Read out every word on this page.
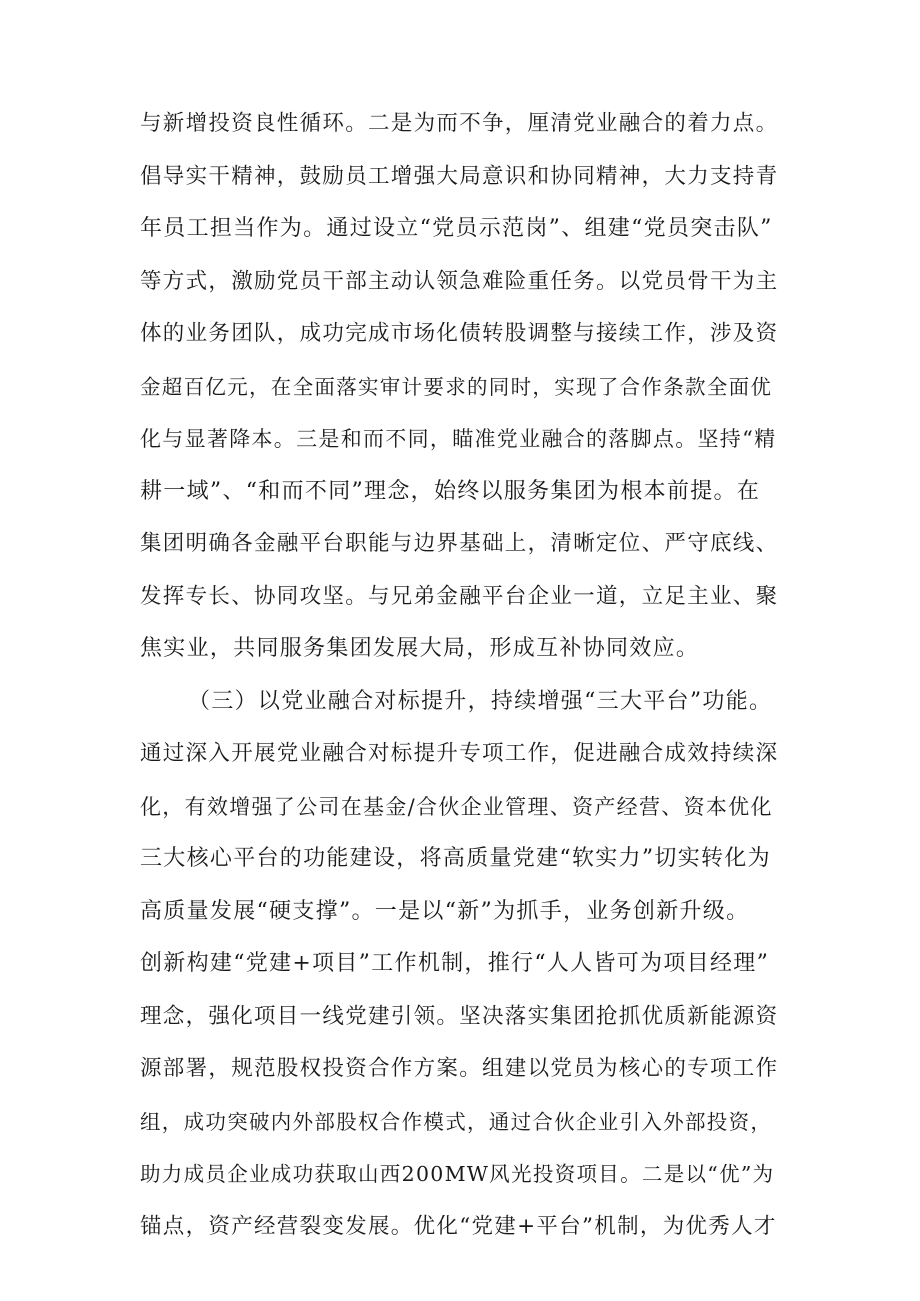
与新增投资良性循环。二是为而不争，厘清党业融合的着力点。
倡导实干精神，鼓励员工增强大局意识和协同精神，大力支持青
年员工担当作为。通过设立“党员示范岗”、组建“党员突击队”
等方式，激励党员干部主动认领急难险重任务。以党员骨干为主
体的业务团队，成功完成市场化债转股调整与接续工作，涉及资
金超百亿元，在全面落实审计要求的同时，实现了合作条款全面优
化与显著降本。三是和而不同，瞄准党业融合的落脚点。坚持“精
耕一域”、“和而不同”理念，始终以服务集团为根本前提。在
集团明确各金融平台职能与边界基础上，清晰定位、严守底线、
发挥专长、协同攻坚。与兄弟金融平台企业一道，立足主业、聚
焦实业，共同服务集团发展大局，形成互补协同效应。
（三）以党业融合对标提升，持续增强“三大平台”功能。
通过深入开展党业融合对标提升专项工作，促进融合成效持续深
化，有效增强了公司在基金/合伙企业管理、资产经营、资本优化
三大核心平台的功能建设，将高质量党建“软实力”切实转化为
高质量发展“硬支撑”。一是以“新”为抓手，业务创新升级。
创新构建“党建+项目”工作机制，推行“人人皆可为项目经理”
理念，强化项目一线党建引领。坚决落实集团抢抓优质新能源资
源部署，规范股权投资合作方案。组建以党员为核心的专项工作
组，成功突破内外部股权合作模式，通过合伙企业引入外部投资，
助力成员企业成功获取山西200MW风光投资项目。二是以“优”为
锚点，资产经营裂变发展。优化“党建+平台”机制，为优秀人才
